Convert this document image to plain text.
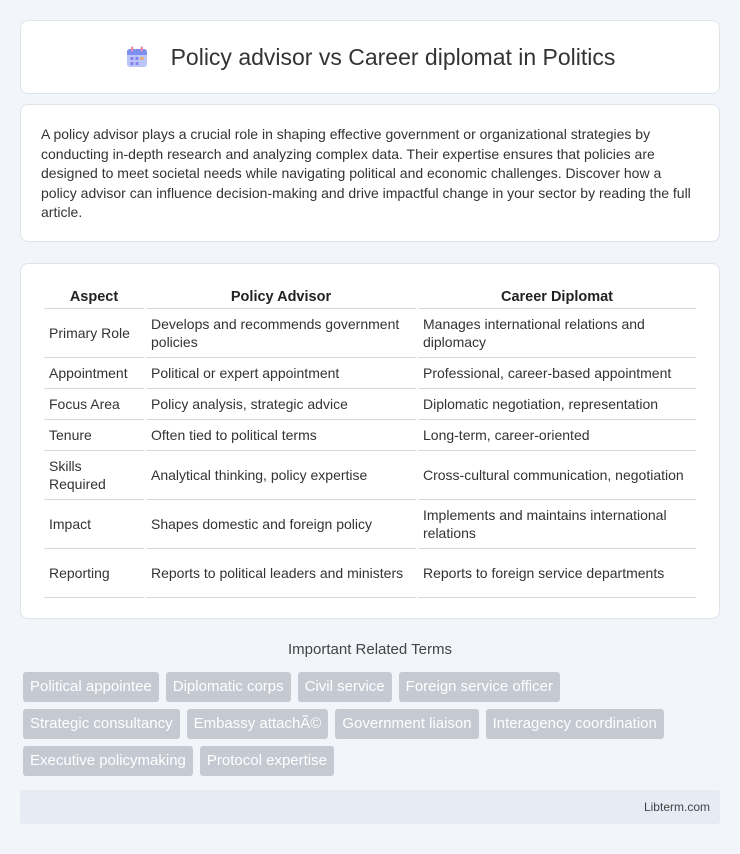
Policy advisor vs Career diplomat in Politics

A policy advisor plays a crucial role in shaping effective government or organizational strategies by conducting in-depth research and analyzing complex data. Their expertise ensures that policies are designed to meet societal needs while navigating political and economic challenges. Discover how a policy advisor can influence decision-making and drive impactful change in your sector by reading the full article.

Aspect	Policy Advisor	Career Diplomat
Primary Role	Develops and recommends government policies	Manages international relations and diplomacy
Appointment	Political or expert appointment	Professional, career-based appointment
Focus Area	Policy analysis, strategic advice	Diplomatic negotiation, representation
Tenure	Often tied to political terms	Long-term, career-oriented
Skills Required	Analytical thinking, policy expertise	Cross-cultural communication, negotiation
Impact	Shapes domestic and foreign policy	Implements and maintains international relations
Reporting	Reports to political leaders and ministers	Reports to foreign service departments
Important Related Terms
Political appointee	Diplomatic corps	Civil service	Foreign service officer
Strategic consultancy	Embassy attachÃ©	Government liaison	Interagency coordination
Executive policymaking	Protocol expertise
Libterm.com
